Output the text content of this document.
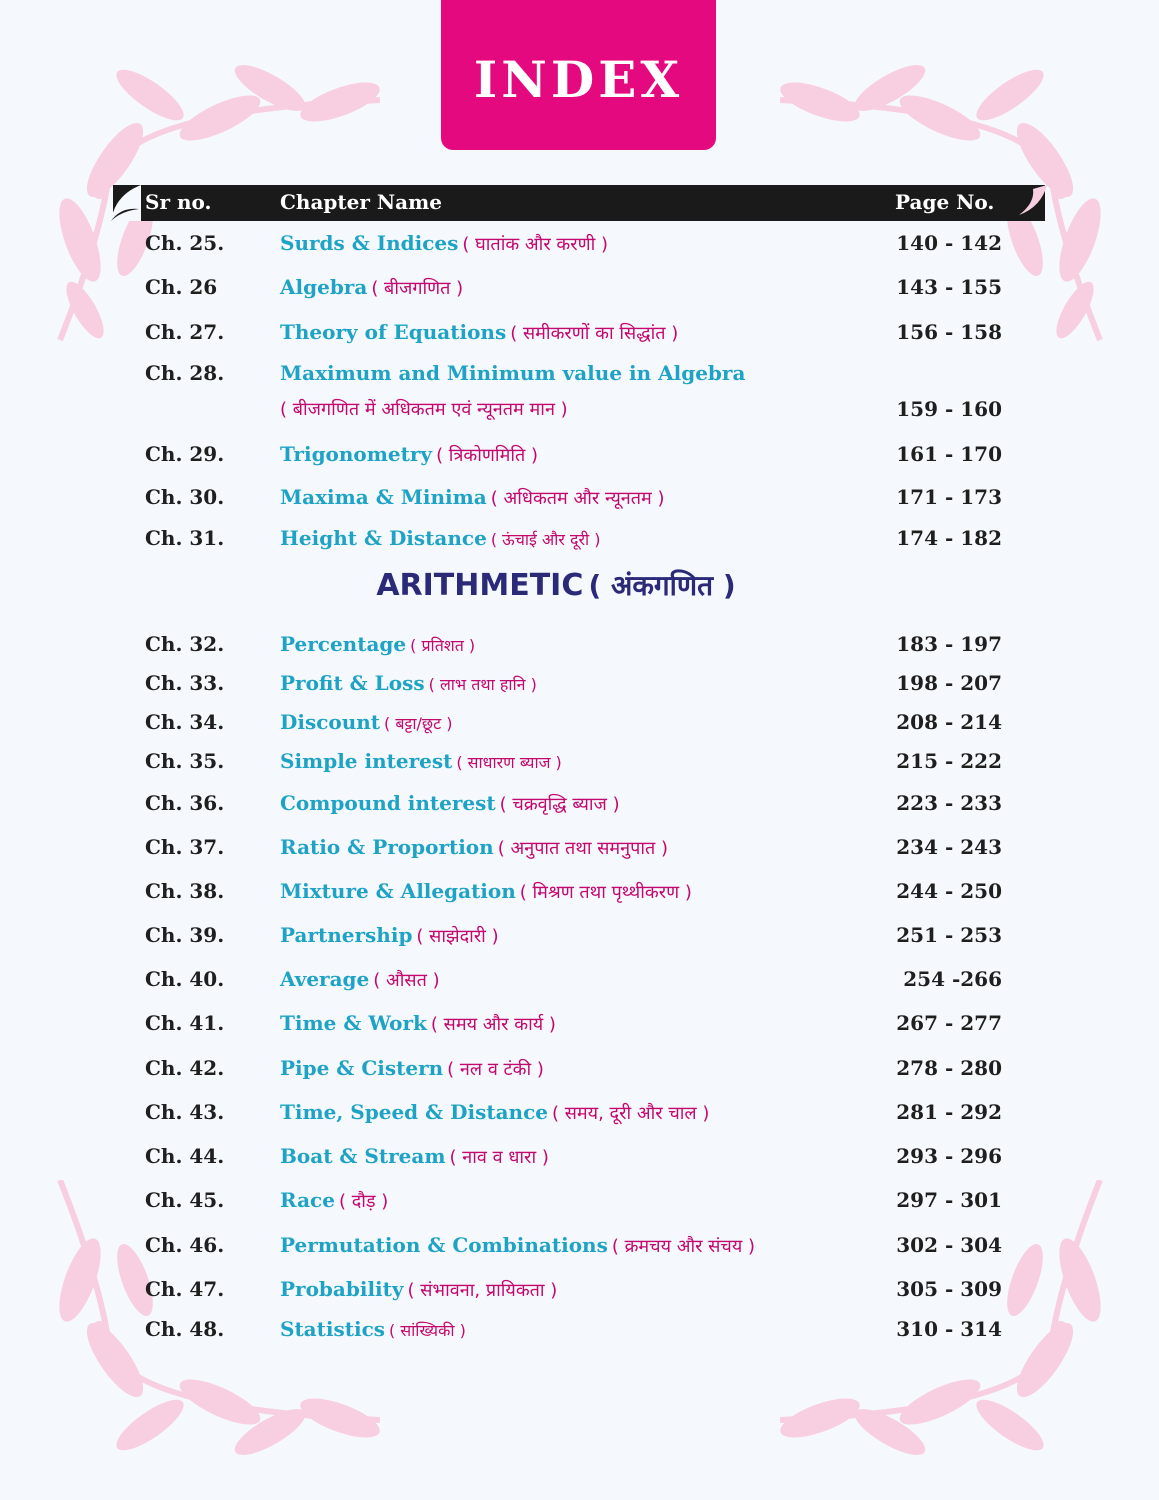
INDEX
Sr no.	Chapter Name	Page No.
Ch. 25.	Surds & Indices ( घातांक और करणी )	140 - 142
Ch. 26	Algebra ( बीजगणित )	143 - 155
Ch. 27.	Theory of Equations ( समीकरणों का सिद्धांत )	156 - 158
Ch. 28.	Maximum and Minimum value in Algebra
( बीजगणित में अधिकतम एवं न्यूनतम मान )	159 - 160
Ch. 29.	Trigonometry ( त्रिकोणमिति )	161 - 170
Ch. 30.	Maxima & Minima ( अधिकतम और न्यूनतम )	171 - 173
Ch. 31.	Height & Distance ( ऊंचाई और दूरी )	174 - 182
ARITHMETIC ( अंकगणित )
Ch. 32.	Percentage ( प्रतिशत )	183 - 197
Ch. 33.	Profit & Loss ( लाभ तथा हानि )	198 - 207
Ch. 34.	Discount ( बट्टा/छूट )	208 - 214
Ch. 35.	Simple interest ( साधारण ब्याज )	215 - 222
Ch. 36.	Compound interest ( चक्रवृद्धि ब्याज )	223 - 233
Ch. 37.	Ratio & Proportion ( अनुपात तथा समनुपात )	234 - 243
Ch. 38.	Mixture & Allegation ( मिश्रण तथा पृथ्थीकरण )	244 - 250
Ch. 39.	Partnership ( साझेदारी )	251 - 253
Ch. 40.	Average ( औसत )	254 -266
Ch. 41.	Time & Work ( समय और कार्य )	267 - 277
Ch. 42.	Pipe & Cistern ( नल व टंकी )	278 - 280
Ch. 43.	Time, Speed & Distance ( समय, दूरी और चाल )	281 - 292
Ch. 44.	Boat & Stream ( नाव व धारा )	293 - 296
Ch. 45.	Race ( दौड़ )	297 - 301
Ch. 46.	Permutation & Combinations ( क्रमचय और संचय )	302 - 304
Ch. 47.	Probability ( संभावना, प्रायिकता )	305 - 309
Ch. 48.	Statistics ( सांख्यिकी )	310 - 314
